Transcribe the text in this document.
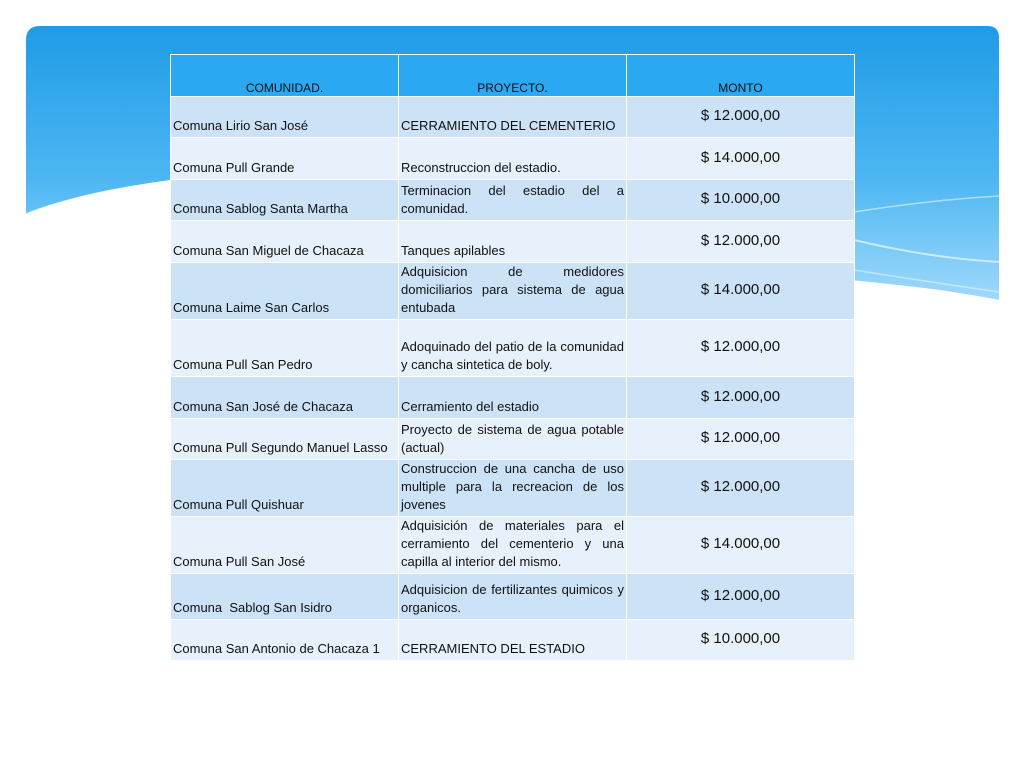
COMUNIDAD.	PROYECTO.	MONTO
Comuna Lirio San José	CERRAMIENTO DEL CEMENTERIO	$ 12.000,00
Comuna Pull Grande	Reconstruccion del estadio.	$ 14.000,00
Comuna Sablog Santa Martha	Terminacion del estadio del a comunidad.	$ 10.000,00
Comuna San Miguel de Chacaza	Tanques apilables	$ 12.000,00
Comuna Laime San Carlos	Adquisicion de medidores domiciliarios para sistema de agua entubada	$ 14.000,00
Comuna Pull San Pedro	Adoquinado del patio de la comunidad y cancha sintetica de boly.	$ 12.000,00
Comuna San José de Chacaza	Cerramiento del estadio	$ 12.000,00
Comuna Pull Segundo Manuel Lasso	Proyecto de sistema de agua potable (actual)	$ 12.000,00
Comuna Pull Quishuar	Construccion de una cancha de uso multiple para la recreacion de los jovenes	$ 12.000,00
Comuna Pull San José	Adquisición de materiales para el cerramiento del cementerio y una capilla al interior del mismo.	$ 14.000,00
Comuna  Sablog San Isidro	Adquisicion de fertilizantes quimicos y organicos.	$ 12.000,00
Comuna San Antonio de Chacaza 1	CERRAMIENTO DEL ESTADIO	$ 10.000,00
